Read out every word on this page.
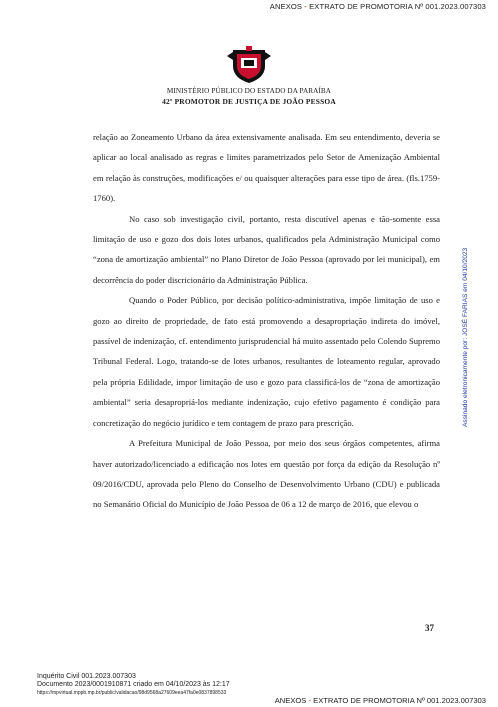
ANEXOS - EXTRATO DE PROMOTORIA Nº 001.2023.007303
MINISTÉRIO PÚBLICO DO ESTADO DA PARAÍBA
42º PROMOTOR DE JUSTIÇA DE JOÃO PESSOA

relação ao Zoneamento Urbano da área extensivamente analisada. Em seu entendimento, deveria se aplicar ao local analisado as regras e limites parametrizados pelo Setor de Amenização Ambiental em relação às construções, modificações e/ ou quaisquer alterações para esse tipo de área. (fls.1759-1760).

No caso sob investigação civil, portanto, resta discutível apenas e tão-somente essa limitação de uso e gozo dos dois lotes urbanos, qualificados pela Administração Municipal como “zona de amortização ambiental” no Plano Diretor de João Pessoa (aprovado por lei municipal), em decorrência do poder discricionário da Administração Pública.

Quando o Poder Público, por decisão político-administrativa, impõe limitação de uso e gozo ao direito de propriedade, de fato está promovendo a desapropriação indireta do imóvel, passível de indenização, cf. entendimento jurisprudencial há muito assentado pelo Colendo Supremo Tribunal Federal. Logo, tratando-se de lotes urbanos, resultantes de loteamento regular, aprovado pela própria Edilidade, impor limitação de uso e gozo para classificá-los de “zona de amortização ambiental” seria desapropriá-los mediante indenização, cujo efetivo pagamento é condição para concretização do negócio jurídico e tem contagem de prazo para prescrição.

A Prefeitura Municipal de João Pessoa, por meio dos seus órgãos competentes, afirma haver autorizado/licenciado a edificação nos lotes em questão por força da edição da Resolução nº 09/2016/CDU, aprovada pelo Pleno do Conselho de Desenvolvimento Urbano (CDU) e publicada no Semanário Oficial do Município de João Pessoa de 06 a 12 de março de 2016, que elevou o

37
Assinado eletronicamente por: JOSÉ FARIAS em 04/10/2023
Inquérito Civil 001.2023.007303
Documento 2023/0001910871 criado em 04/10/2023 às 12:17
https://mpvirtual.mppb.mp.br/public/validacao/98d9568a27609eea47fa0e0837898533
ANEXOS - EXTRATO DE PROMOTORIA Nº 001.2023.007303
